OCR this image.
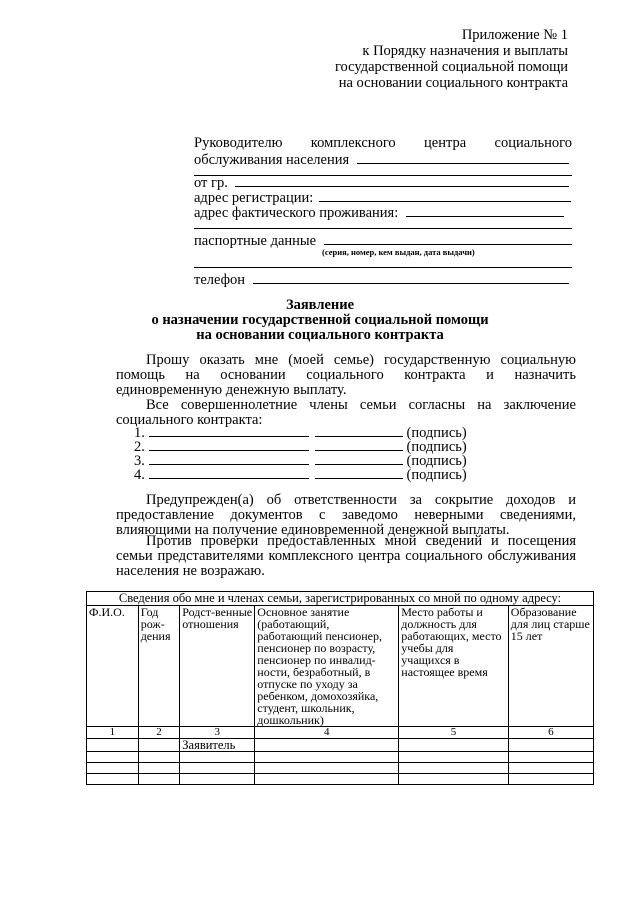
Приложение № 1
к Порядку назначения и выплаты
государственной социальной помощи
на основании социального контракта
Руководителю комплексного центра социального
обслуживания населения
от гр.
адрес регистрации:
адрес фактического проживания:
паспортные данные
(серия, номер, кем выдан, дата выдачи)
телефон
Заявление
о назначении государственной социальной помощи
на основании социального контракта
Прошу оказать мне (моей семье) государственную социальную помощь на основании социального контракта и назначить единовременную денежную выплату.
Все совершеннолетние члены семьи согласны на заключение социального контракта:
1.	(подпись)
2.	(подпись)
3.	(подпись)
4.	(подпись)
Предупрежден(а) об ответственности за сокрытие доходов и предоставление документов с заведомо неверными сведениями, влияющими на получение единовременной денежной выплаты.
Против проверки предоставленных мной сведений и посещения семьи представителями комплексного центра социального обслуживания населения не возражаю.
Сведения обо мне и членах семьи, зарегистрированных со мной по одному адресу:					
Ф.И.О.	Год рож-дения	Родст-венные отношения	Основное занятие (работающий, работающий пенсионер, пенсионер по возрасту, пенсионер по инвалид-ности, безработный, в отпуске по уходу за ребенком, домохозяйка, студент, школьник, дошкольник)	Место работы и должность для работающих, место учебы для учащихся в настоящее время	Образование для лиц старше 15 лет
1	2	3	4	5	6
		Заявитель			
